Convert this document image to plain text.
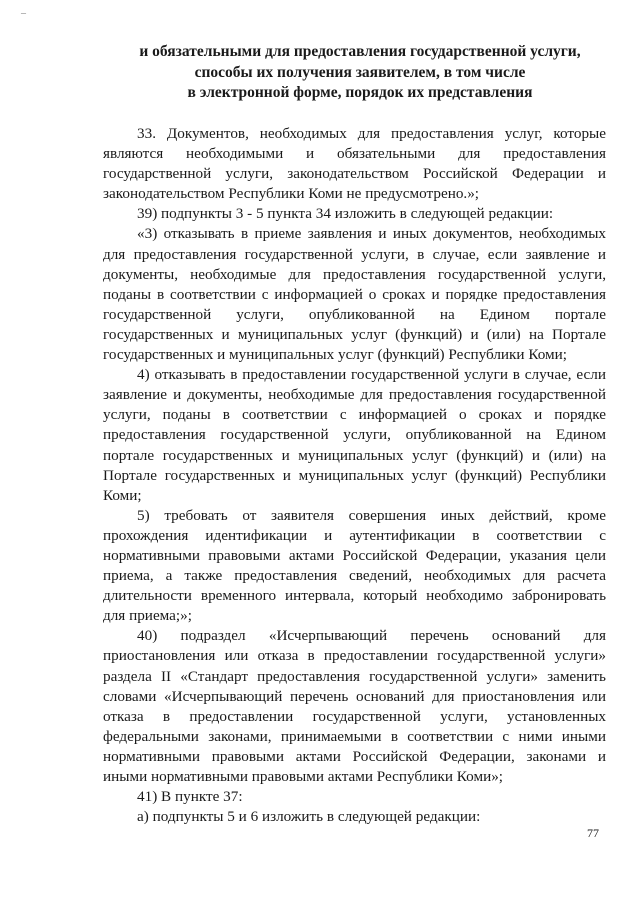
–
и обязательными для предоставления государственной услуги,
способы их получения заявителем, в том числе
в электронной форме, порядок их представления

33. Документов, необходимых для предоставления услуг, которые являются необходимыми и обязательными для предоставления государственной услуги, законодательством Российской Федерации и законодательством Республики Коми не предусмотрено.»;

39) подпункты 3 - 5 пункта 34 изложить в следующей редакции:

«3) отказывать в приеме заявления и иных документов, необходимых для предоставления государственной услуги, в случае, если заявление и документы, необходимые для предоставления государственной услуги, поданы в соответствии с информацией о сроках и порядке предоставления государственной услуги, опубликованной на Едином портале государственных и муниципальных услуг (функций) и (или) на Портале государственных и муниципальных услуг (функций) Республики Коми;

4) отказывать в предоставлении государственной услуги в случае, если заявление и документы, необходимые для предоставления государственной услуги, поданы в соответствии с информацией о сроках и порядке предоставления государственной услуги, опубликованной на Едином портале государственных и муниципальных услуг (функций) и (или) на Портале государственных и муниципальных услуг (функций) Республики Коми;

5) требовать от заявителя совершения иных действий, кроме прохождения идентификации и аутентификации в соответствии с нормативными правовыми актами Российской Федерации, указания цели приема, а также предоставления сведений, необходимых для расчета длительности временного интервала, который необходимо забронировать для приема;»;

40) подраздел «Исчерпывающий перечень оснований для приостановления или отказа в предоставлении государственной услуги» раздела II «Стандарт предоставления государственной услуги» заменить словами «Исчерпывающий перечень оснований для приостановления или отказа в предоставлении государственной услуги, установленных федеральными законами, принимаемыми в соответствии с ними иными нормативными правовыми актами Российской Федерации, законами и иными нормативными правовыми актами Республики Коми»;

41) В пункте 37:

а) подпункты 5 и 6 изложить в следующей редакции:

77
